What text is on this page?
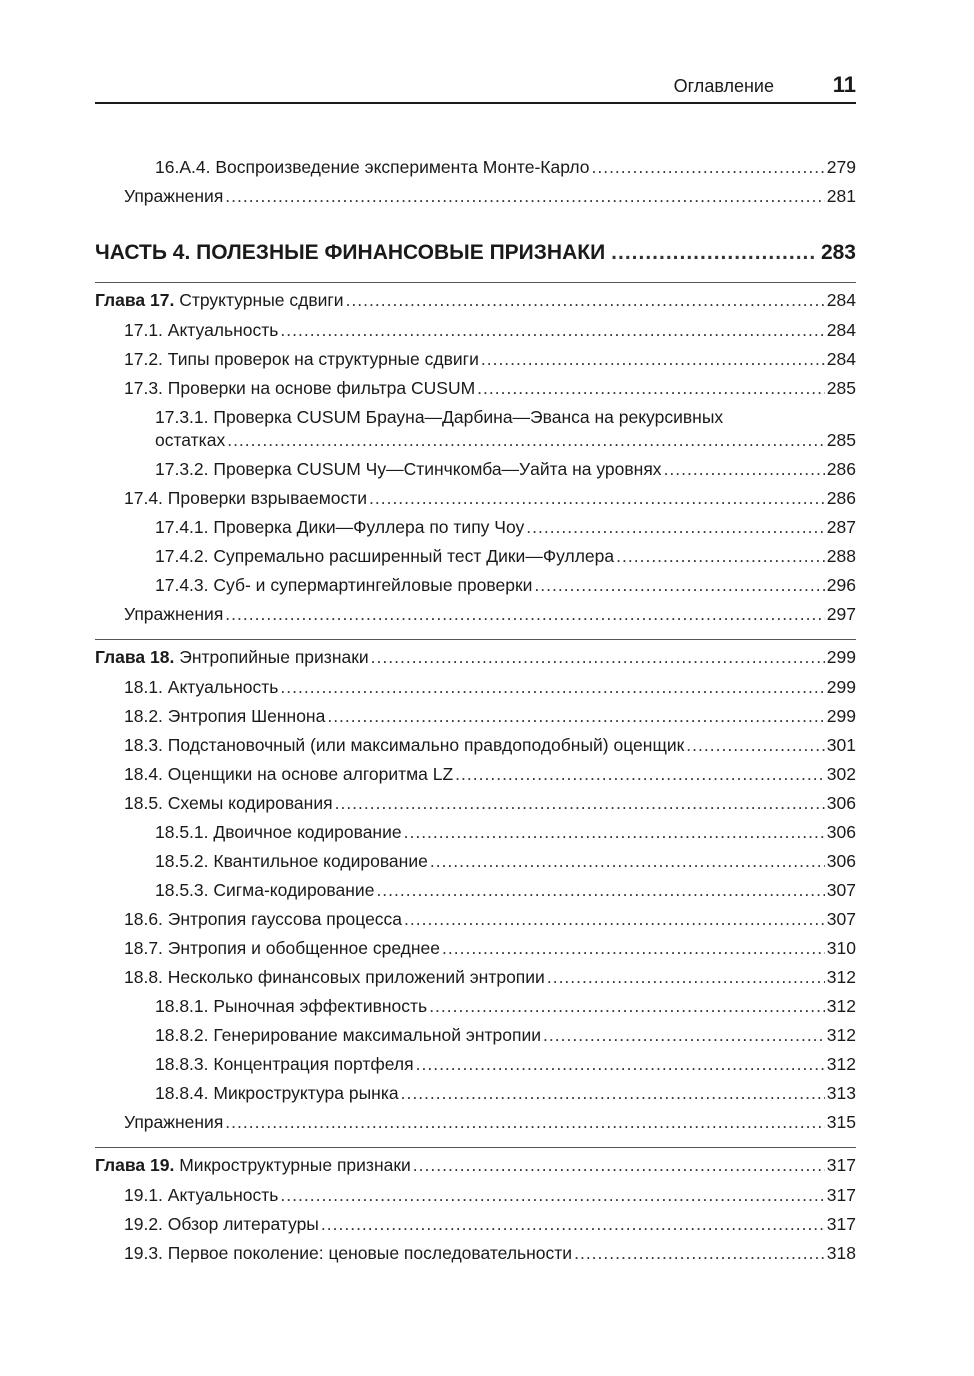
Оглавление	11
16.A.4. Воспроизведение эксперимента Монте-Карло .....	279
Упражнения .....	281
ЧАСТЬ 4. ПОЛЕЗНЫЕ ФИНАНСОВЫЕ ПРИЗНАКИ .....	283
Глава 17. Структурные сдвиги .....	284
17.1. Актуальность .....	284
17.2. Типы проверок на структурные сдвиги .....	284
17.3. Проверки на основе фильтра CUSUM .....	285
17.3.1. Проверка CUSUM Брауна—Дарбина—Эванса на рекурсивных
остатках .....	285
17.3.2. Проверка CUSUM Чу—Стинчкомба—Уайта на уровнях .....	286
17.4. Проверки взрываемости .....	286
17.4.1. Проверка Дики—Фуллера по типу Чоу .....	287
17.4.2. Супремально расширенный тест Дики—Фуллера .....	288
17.4.3. Суб- и супермартингейловые проверки .....	296
Упражнения .....	297
Глава 18. Энтропийные признаки .....	299
18.1. Актуальность .....	299
18.2. Энтропия Шеннона .....	299
18.3. Подстановочный (или максимально правдоподобный) оценщик .....	301
18.4. Оценщики на основе алгоритма LZ .....	302
18.5. Схемы кодирования .....	306
18.5.1. Двоичное кодирование .....	306
18.5.2. Квантильное кодирование .....	306
18.5.3. Сигма-кодирование .....	307
18.6. Энтропия гауссова процесса .....	307
18.7. Энтропия и обобщенное среднее .....	310
18.8. Несколько финансовых приложений энтропии .....	312
18.8.1. Рыночная эффективность .....	312
18.8.2. Генерирование максимальной энтропии .....	312
18.8.3. Концентрация портфеля .....	312
18.8.4. Микроструктура рынка .....	313
Упражнения .....	315
Глава 19. Микроструктурные признаки .....	317
19.1. Актуальность .....	317
19.2. Обзор литературы .....	317
19.3. Первое поколение: ценовые последовательности .....	318
